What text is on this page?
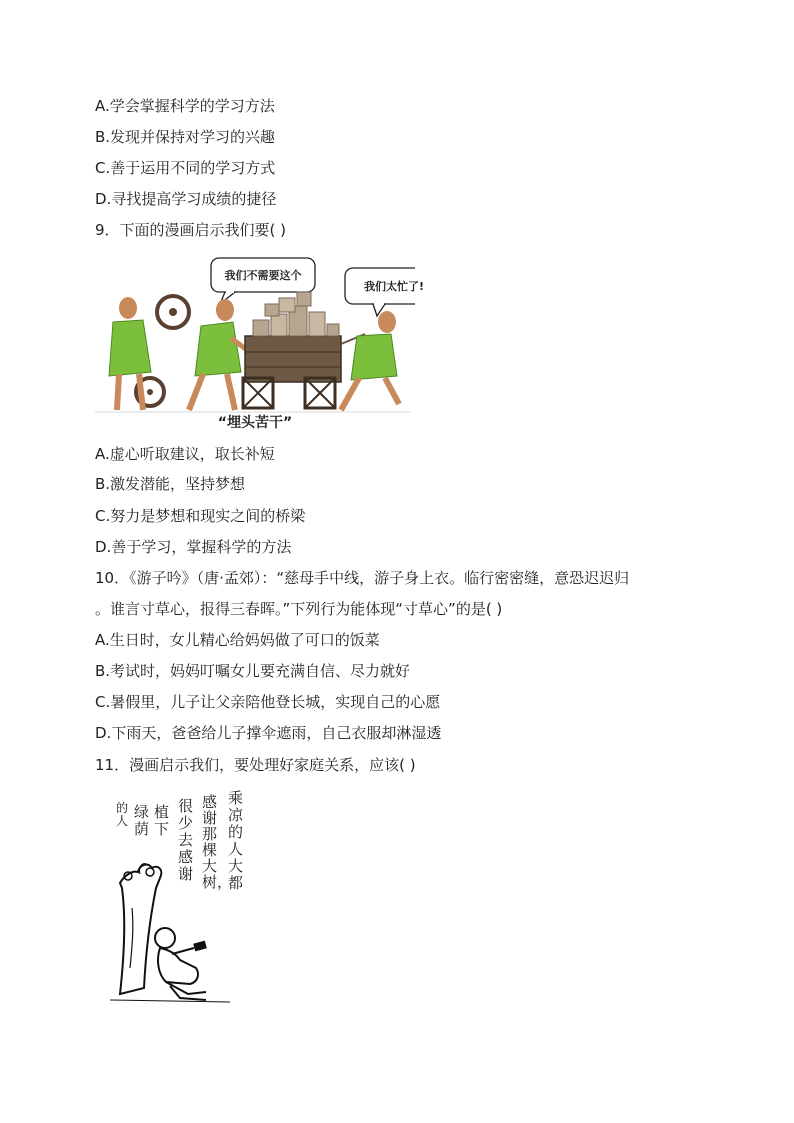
A.学会掌握科学的学习方法
B.发现并保持对学习的兴趣
C.善于运用不同的学习方式
D.寻找提高学习成绩的捷径
9．下面的漫画启示我们要( )
我们不需要这个
我们太忙了!
“埋头苦干”
A.虚心听取建议，取长补短
B.激发潜能，坚持梦想
C.努力是梦想和现实之间的桥梁
D.善于学习，掌握科学的方法
10．《游子吟》（唐·孟郊）：“慈母手中线，游子身上衣。临行密密缝，意恐迟迟归
。谁言寸草心，报得三春晖。”下列行为能体现“寸草心”的是( )
A.生日时，女儿精心给妈妈做了可口的饭菜
B.考试时，妈妈叮嘱女儿要充满自信、尽力就好
C.暑假里，儿子让父亲陪他登长城，实现自己的心愿
D.下雨天，爸爸给儿子撑伞遮雨，自己衣服却淋湿透
11．漫画启示我们，要处理好家庭关系，应该( )
乘凉的人大都
感谢那棵大树，
很少去感谢
植下
绿荫
的人
